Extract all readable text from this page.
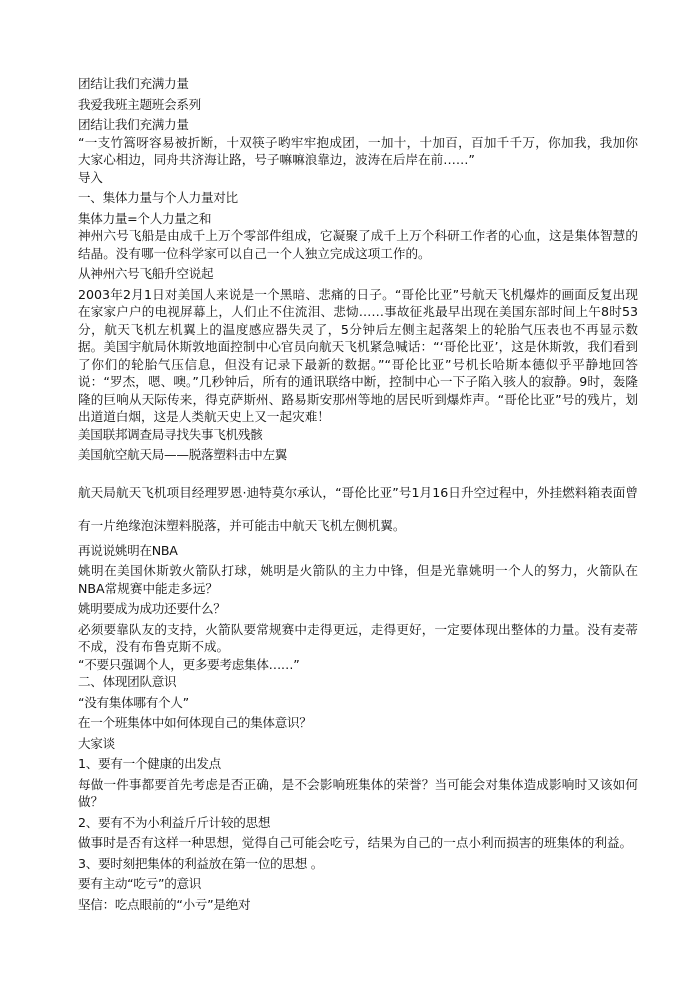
团结让我们充满力量
我爱我班主题班会系列
团结让我们充满力量
“一支竹篙呀容易被折断，十双筷子哟牢牢抱成团，一加十，十加百，百加千千万，你加我，我加你大家心相边，同舟共济海让路，号子嘛嘛浪靠边，波涛在后岸在前……”
导入
一、集体力量与个人力量对比
集体力量=个人力量之和
神州六号飞船是由成千上万个零部件组成，它凝聚了成千上万个科研工作者的心血，这是集体智慧的结晶。没有哪一位科学家可以自己一个人独立完成这项工作的。
从神州六号飞船升空说起
2003年2月1日对美国人来说是一个黑暗、悲痛的日子。“哥伦比亚”号航天飞机爆炸的画面反复出现在家家户户的电视屏幕上，人们止不住流泪、悲恸……事故征兆最早出现在美国东部时间上午8时53分，航天飞机左机翼上的温度感应器失灵了，5分钟后左侧主起落架上的轮胎气压表也不再显示数据。美国宇航局休斯敦地面控制中心官员向航天飞机紧急喊话：“‘哥伦比亚’，这是休斯敦，我们看到了你们的轮胎气压信息，但没有记录下最新的数据。”“哥伦比亚”号机长哈斯本德似乎平静地回答说：“罗杰，嗯、噢。”几秒钟后，所有的通讯联络中断，控制中心一下子陷入骇人的寂静。9时，轰隆隆的巨响从天际传来，得克萨斯州、路易斯安那州等地的居民听到爆炸声。“哥伦比亚”号的残片，划出道道白烟，这是人类航天史上又一起灾难！
美国联邦调查局寻找失事飞机残骸
美国航空航天局——脱落塑料击中左翼
航天局航天飞机项目经理罗恩·迪特莫尔承认，“哥伦比亚”号1月16日升空过程中，外挂燃料箱表面曾有一片绝缘泡沫塑料脱落，并可能击中航天飞机左侧机翼。
再说说姚明在NBA
姚明在美国休斯敦火箭队打球，姚明是火箭队的主力中锋，但是光靠姚明一个人的努力，火箭队在NBA常规赛中能走多远？
姚明要成为成功还要什么？
必须要靠队友的支持，火箭队要常规赛中走得更远，走得更好，一定要体现出整体的力量。没有麦蒂不成，没有布鲁克斯不成。
“不要只强调个人，更多要考虑集体……”
二、体现团队意识
“没有集体哪有个人”
在一个班集体中如何体现自己的集体意识？
大家谈
1、要有一个健康的出发点
每做一件事都要首先考虑是否正确，是不会影响班集体的荣誉？当可能会对集体造成影响时又该如何做？
2、要有不为小利益斤斤计较的思想
做事时是否有这样一种思想，觉得自己可能会吃亏，结果为自己的一点小利而损害的班集体的利益。
3、要时刻把集体的利益放在第一位的思想 。
要有主动“吃亏”的意识
坚信：吃点眼前的“小亏”是绝对
